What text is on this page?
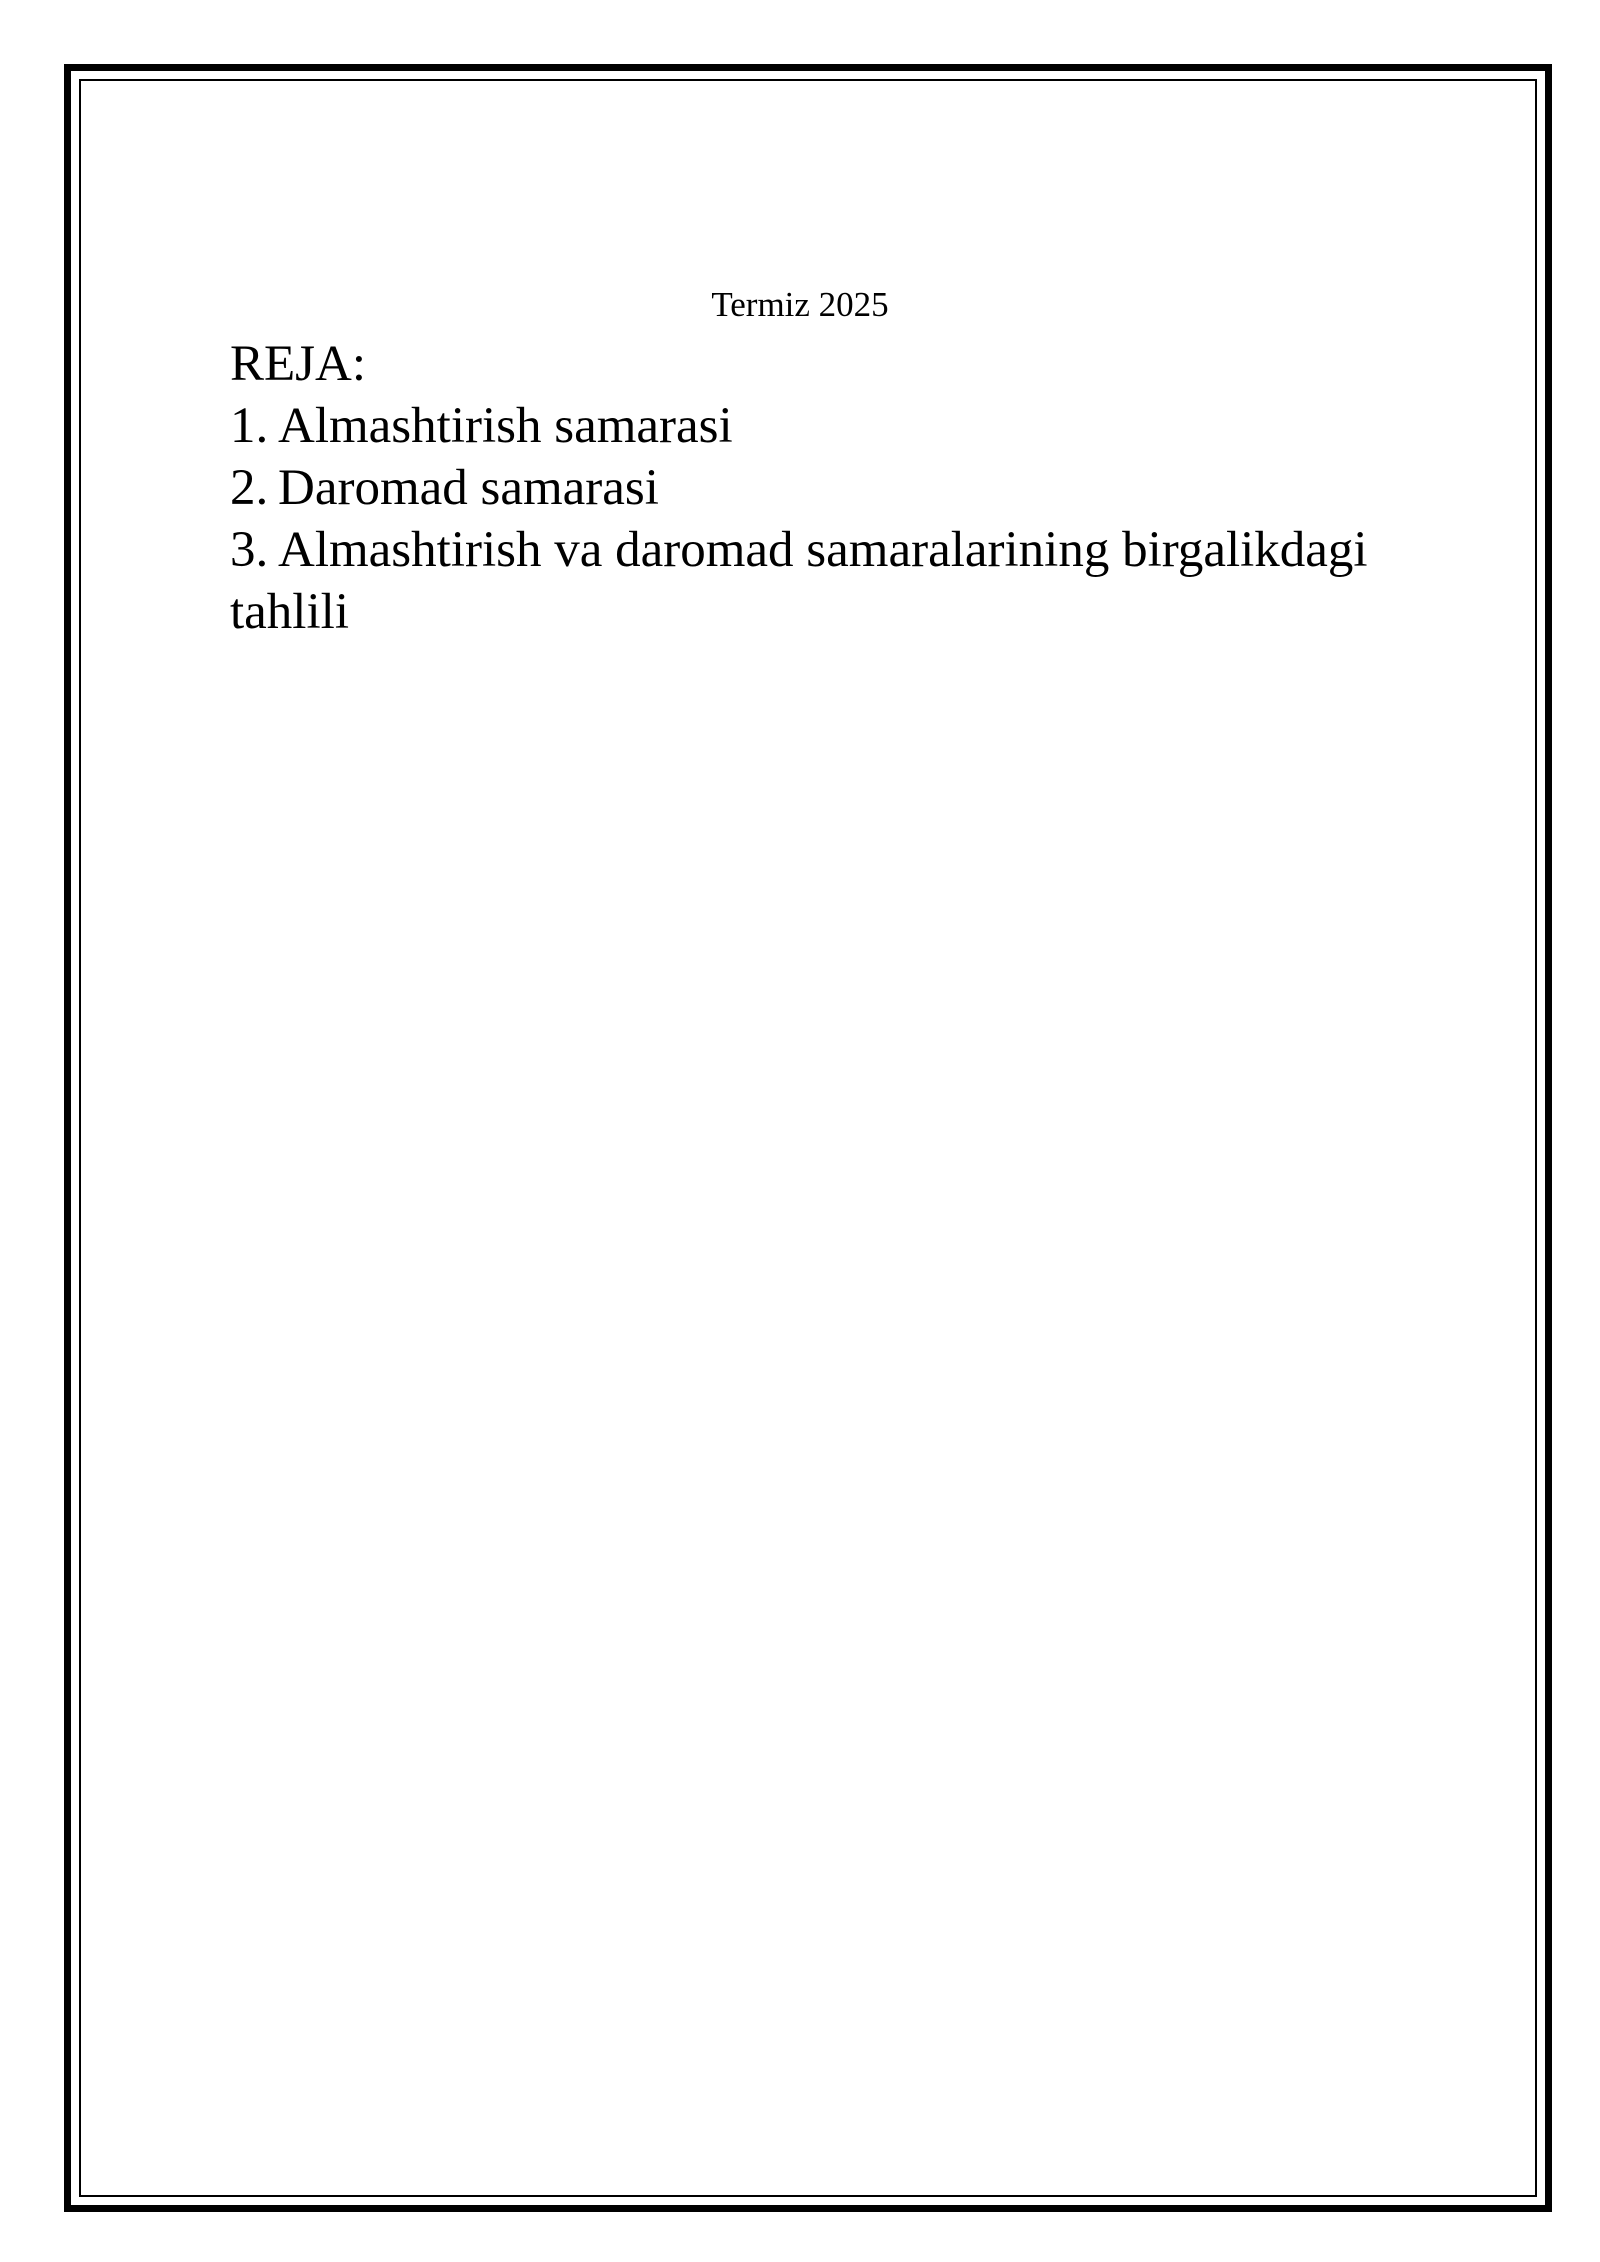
Termiz 2025
REJA:
1. Almashtirish samarasi
2. Daromad samarasi
3. Almashtirish va daromad samaralarining birgalikdagi tahlili
